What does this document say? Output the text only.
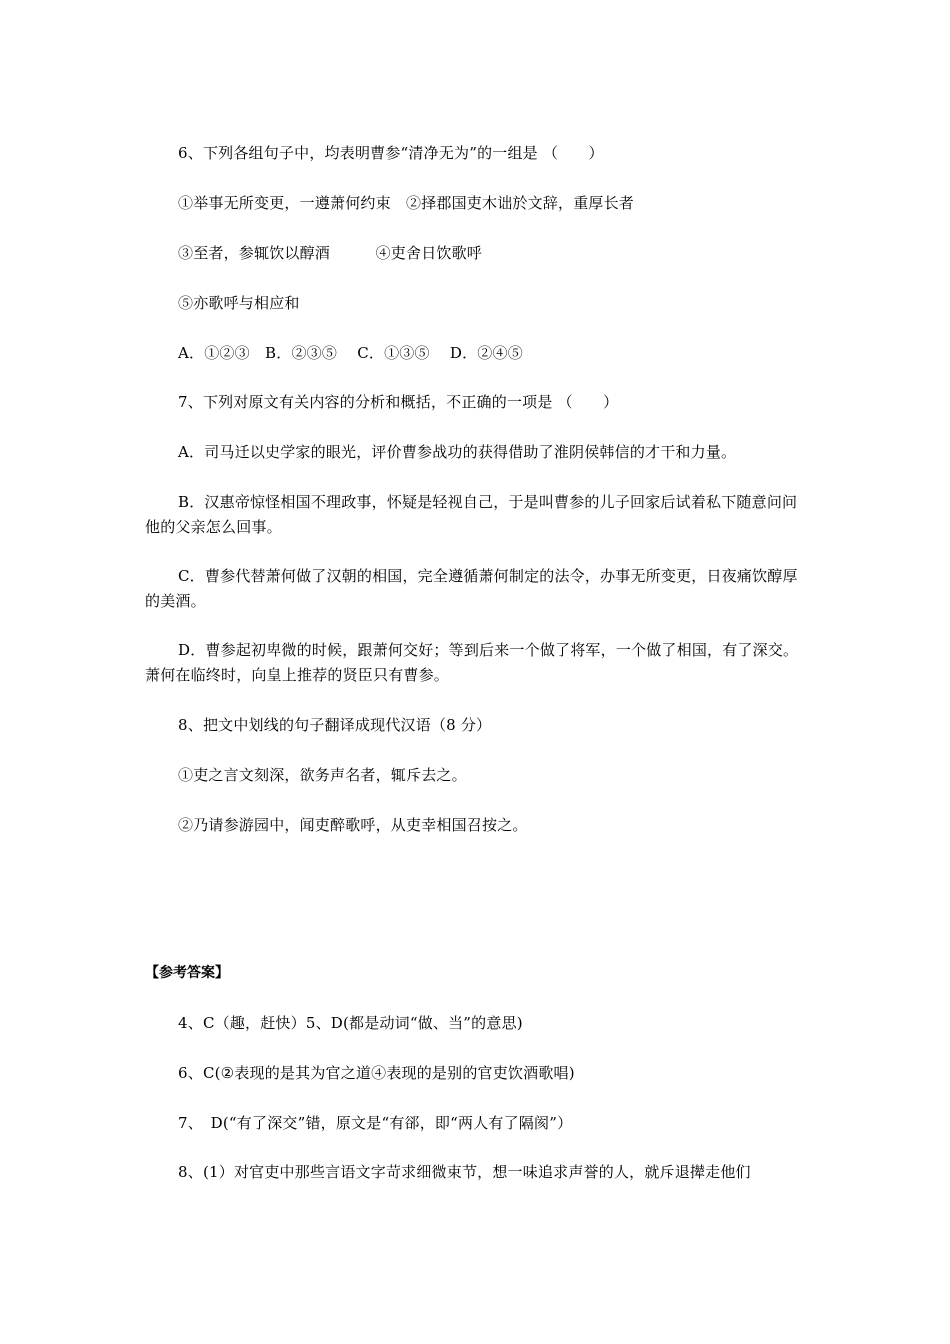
6、下列各组句子中，均表明曹参“清净无为”的一组是 （　　）
①举事无所变更，一遵萧何约束　②择郡国吏木诎於文辞，重厚长者
③至者，参辄饮以醇酒　　　④吏舍日饮歌呼
⑤亦歌呼与相应和
A．①②③　B．②③⑤　 C．①③⑤　 D．②④⑤
7、下列对原文有关内容的分析和概括，不正确的一项是 （　　）
A．司马迁以史学家的眼光，评价曹参战功的获得借助了淮阴侯韩信的才干和力量。
B．汉惠帝惊怪相国不理政事，怀疑是轻视自己，于是叫曹参的儿子回家后试着私下随意问问他的父亲怎么回事。
C．曹参代替萧何做了汉朝的相国，完全遵循萧何制定的法令，办事无所变更，日夜痛饮醇厚的美酒。
D．曹参起初卑微的时候，跟萧何交好；等到后来一个做了将军，一个做了相国，有了深交。萧何在临终时，向皇上推荐的贤臣只有曹参。
8、把文中划线的句子翻译成现代汉语（8 分）
①吏之言文刻深，欲务声名者，辄斥去之。
②乃请参游园中，闻吏醉歌呼，从吏幸相国召按之。
【参考答案】
4、C（趣，赶快）5、D(都是动词“做、当”的意思)
6、C(②表现的是其为官之道④表现的是别的官吏饮酒歌唱)
7、　D(“有了深交”错，原文是“有郤，即“两人有了隔阂”）
8、(1）对官吏中那些言语文字苛求细微束节，想一味追求声誉的人，就斥退撵走他们
